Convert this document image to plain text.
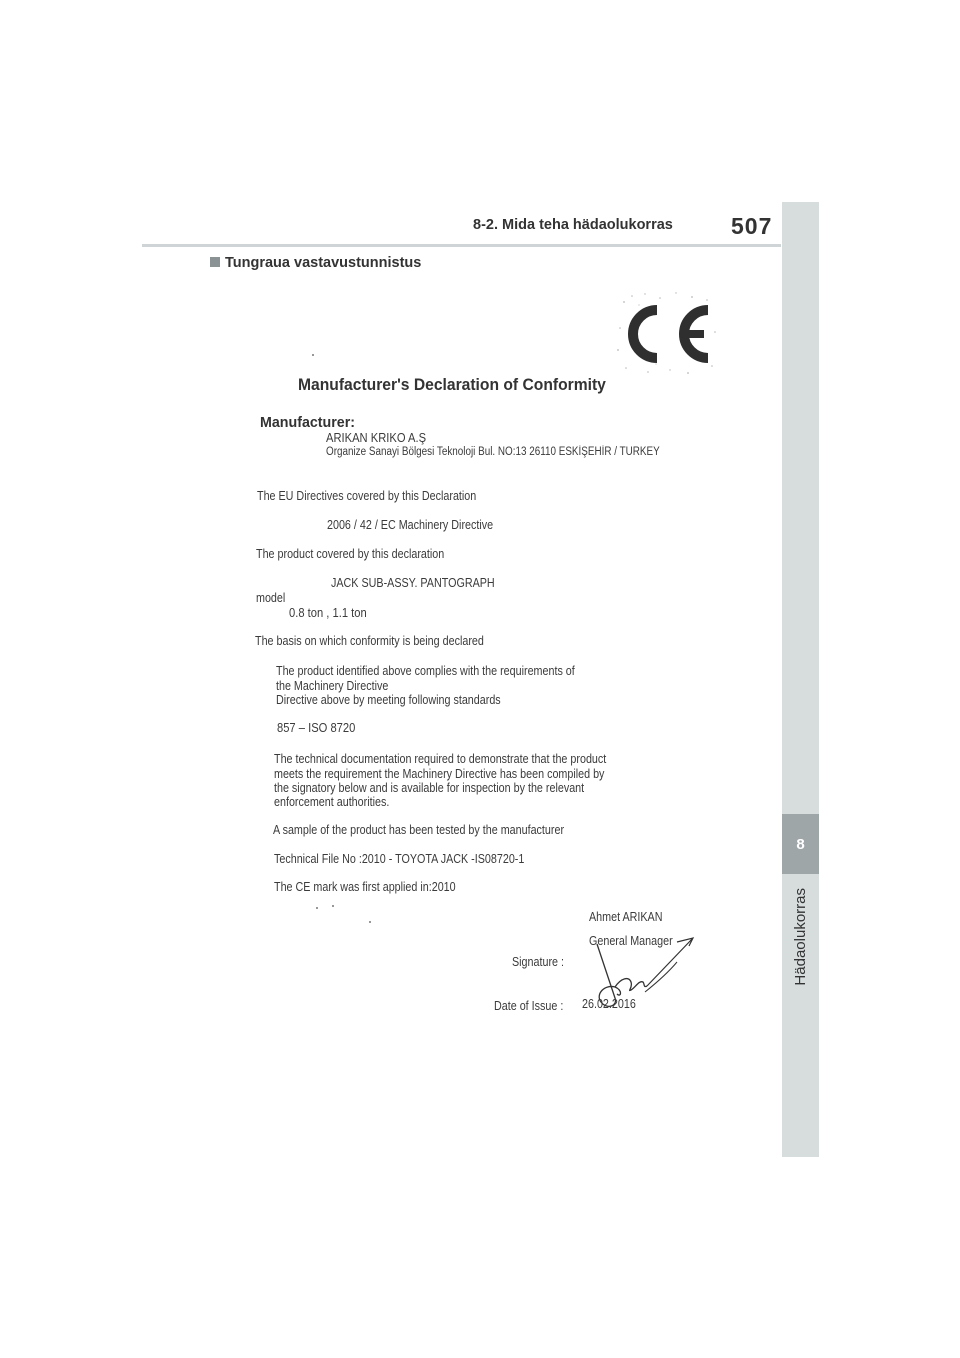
8-2. Mida teha hädaolukorras	507
8
Hädaolukorras
Tungraua vastavustunnistus
Manufacturer's Declaration of Conformity
Manufacturer:
ARIKAN KRIKO A.Ş
Organize Sanayi Bölgesi Teknoloji Bul. NO:13 26110 ESKİŞEHİR / TURKEY
The EU Directives covered by this Declaration
2006 / 42 / EC Machinery Directive
The product covered by this declaration
JACK SUB-ASSY. PANTOGRAPH
model
0.8 ton , 1.1 ton
The basis on which conformity is being declared
The product identified above complies with the requirements of
the Machinery Directive
Directive above by meeting following standards
857 – ISO 8720
The technical documentation required to demonstrate that the product
meets the requirement the Machinery Directive has been compiled by
the signatory below and is available for inspection by the relevant
enforcement authorities.
A sample of the product has been tested by the manufacturer
Technical File No :2010 - TOYOTA JACK -IS08720-1
The CE mark was first applied in:2010
Ahmet ARIKAN
General Manager
Signature :
Date of Issue : 26.02.2016
